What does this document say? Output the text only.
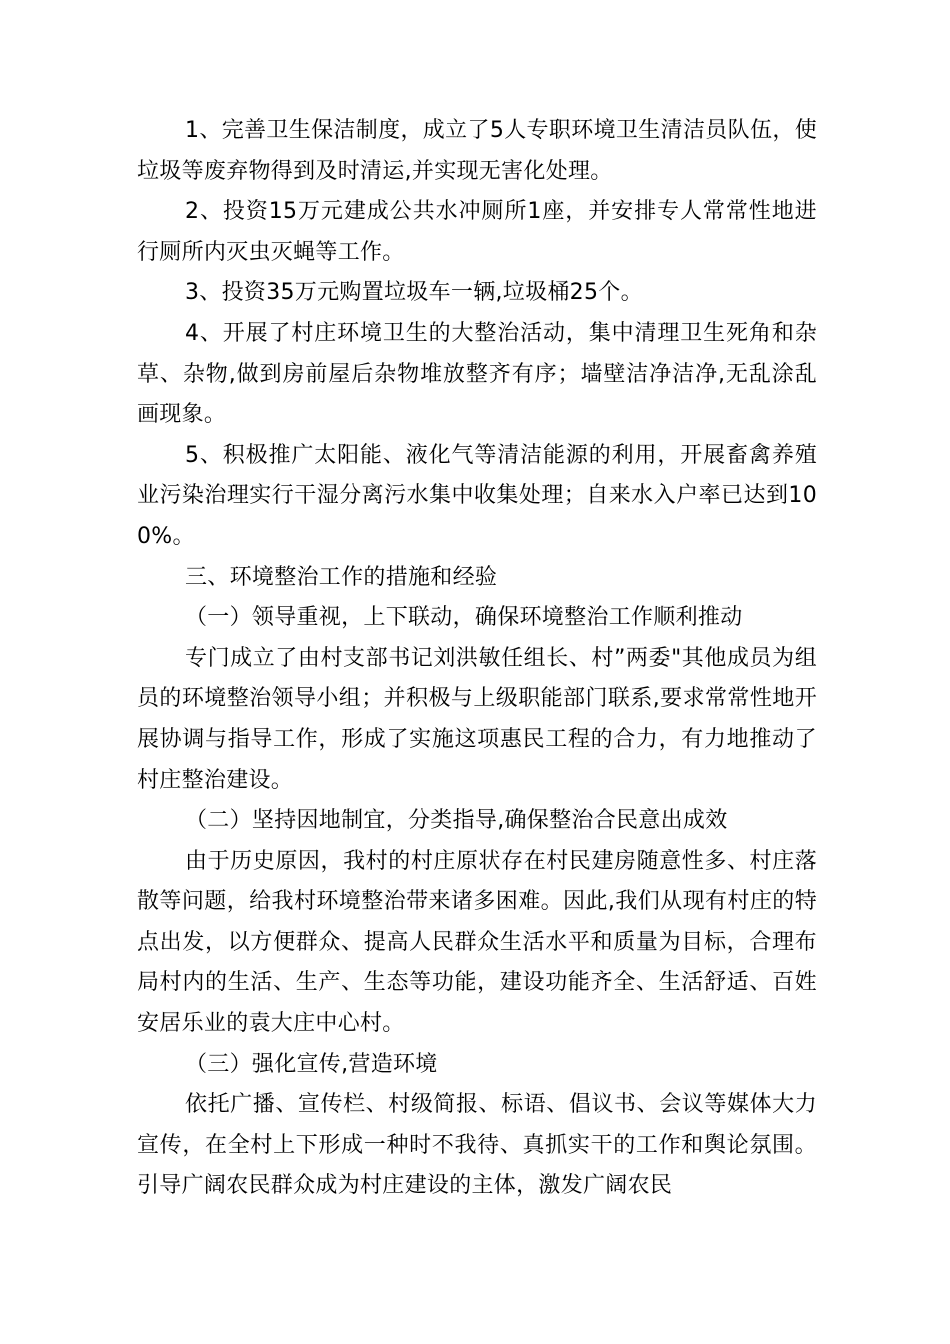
1、完善卫生保洁制度，成立了5人专职环境卫生清洁员队伍，使垃圾等废弃物得到及时清运,并实现无害化处理。

2、投资15万元建成公共水冲厕所1座，并安排专人常常性地进行厕所内灭虫灭蝇等工作。

3、投资35万元购置垃圾车一辆,垃圾桶25个。

4、开展了村庄环境卫生的大整治活动，集中清理卫生死角和杂草、杂物,做到房前屋后杂物堆放整齐有序；墙壁洁净洁净,无乱涂乱画现象。

5、积极推广太阳能、液化气等清洁能源的利用，开展畜禽养殖业污染治理实行干湿分离污水集中收集处理；自来水入户率已达到100%。

三、环境整治工作的措施和经验

（一）领导重视，上下联动，确保环境整治工作顺利推动

专门成立了由村支部书记刘洪敏任组长、村”两委"其他成员为组员的环境整治领导小组；并积极与上级职能部门联系,要求常常性地开展协调与指导工作，形成了实施这项惠民工程的合力，有力地推动了村庄整治建设。

（二）坚持因地制宜，分类指导,确保整治合民意出成效

由于历史原因，我村的村庄原状存在村民建房随意性多、村庄落散等问题，给我村环境整治带来诸多困难。因此,我们从现有村庄的特点出发，以方便群众、提高人民群众生活水平和质量为目标，合理布局村内的生活、生产、生态等功能，建设功能齐全、生活舒适、百姓安居乐业的袁大庄中心村。

（三）强化宣传,营造环境

依托广播、宣传栏、村级简报、标语、倡议书、会议等媒体大力宣传，在全村上下形成一种时不我待、真抓实干的工作和舆论氛围。引导广阔农民群众成为村庄建设的主体，激发广阔农民
